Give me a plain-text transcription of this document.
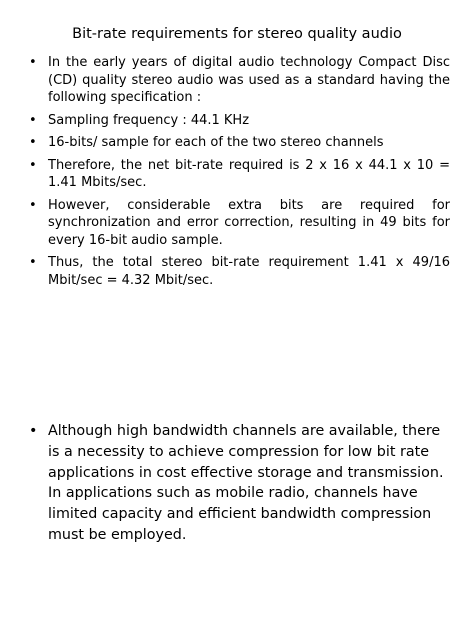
Bit-rate requirements for stereo quality audio
• In the early years of digital audio technology Compact Disc (CD) quality stereo audio was used as a standard having the following specification :
• Sampling frequency : 44.1 KHz
• 16-bits/ sample for each of the two stereo channels
• Therefore, the net bit-rate required is 2 x 16 x 44.1 x 10 = 1.41 Mbits/sec.
• However, considerable extra bits are required for synchronization and error correction, resulting in 49 bits for every 16-bit audio sample.
• Thus, the total stereo bit-rate requirement 1.41 x 49/16 Mbit/sec = 4.32 Mbit/sec.
• Although high bandwidth channels are available, there is a necessity to achieve compression for low bit rate applications in cost effective storage and transmission. In applications such as mobile radio, channels have limited capacity and efficient bandwidth compression must be employed.
